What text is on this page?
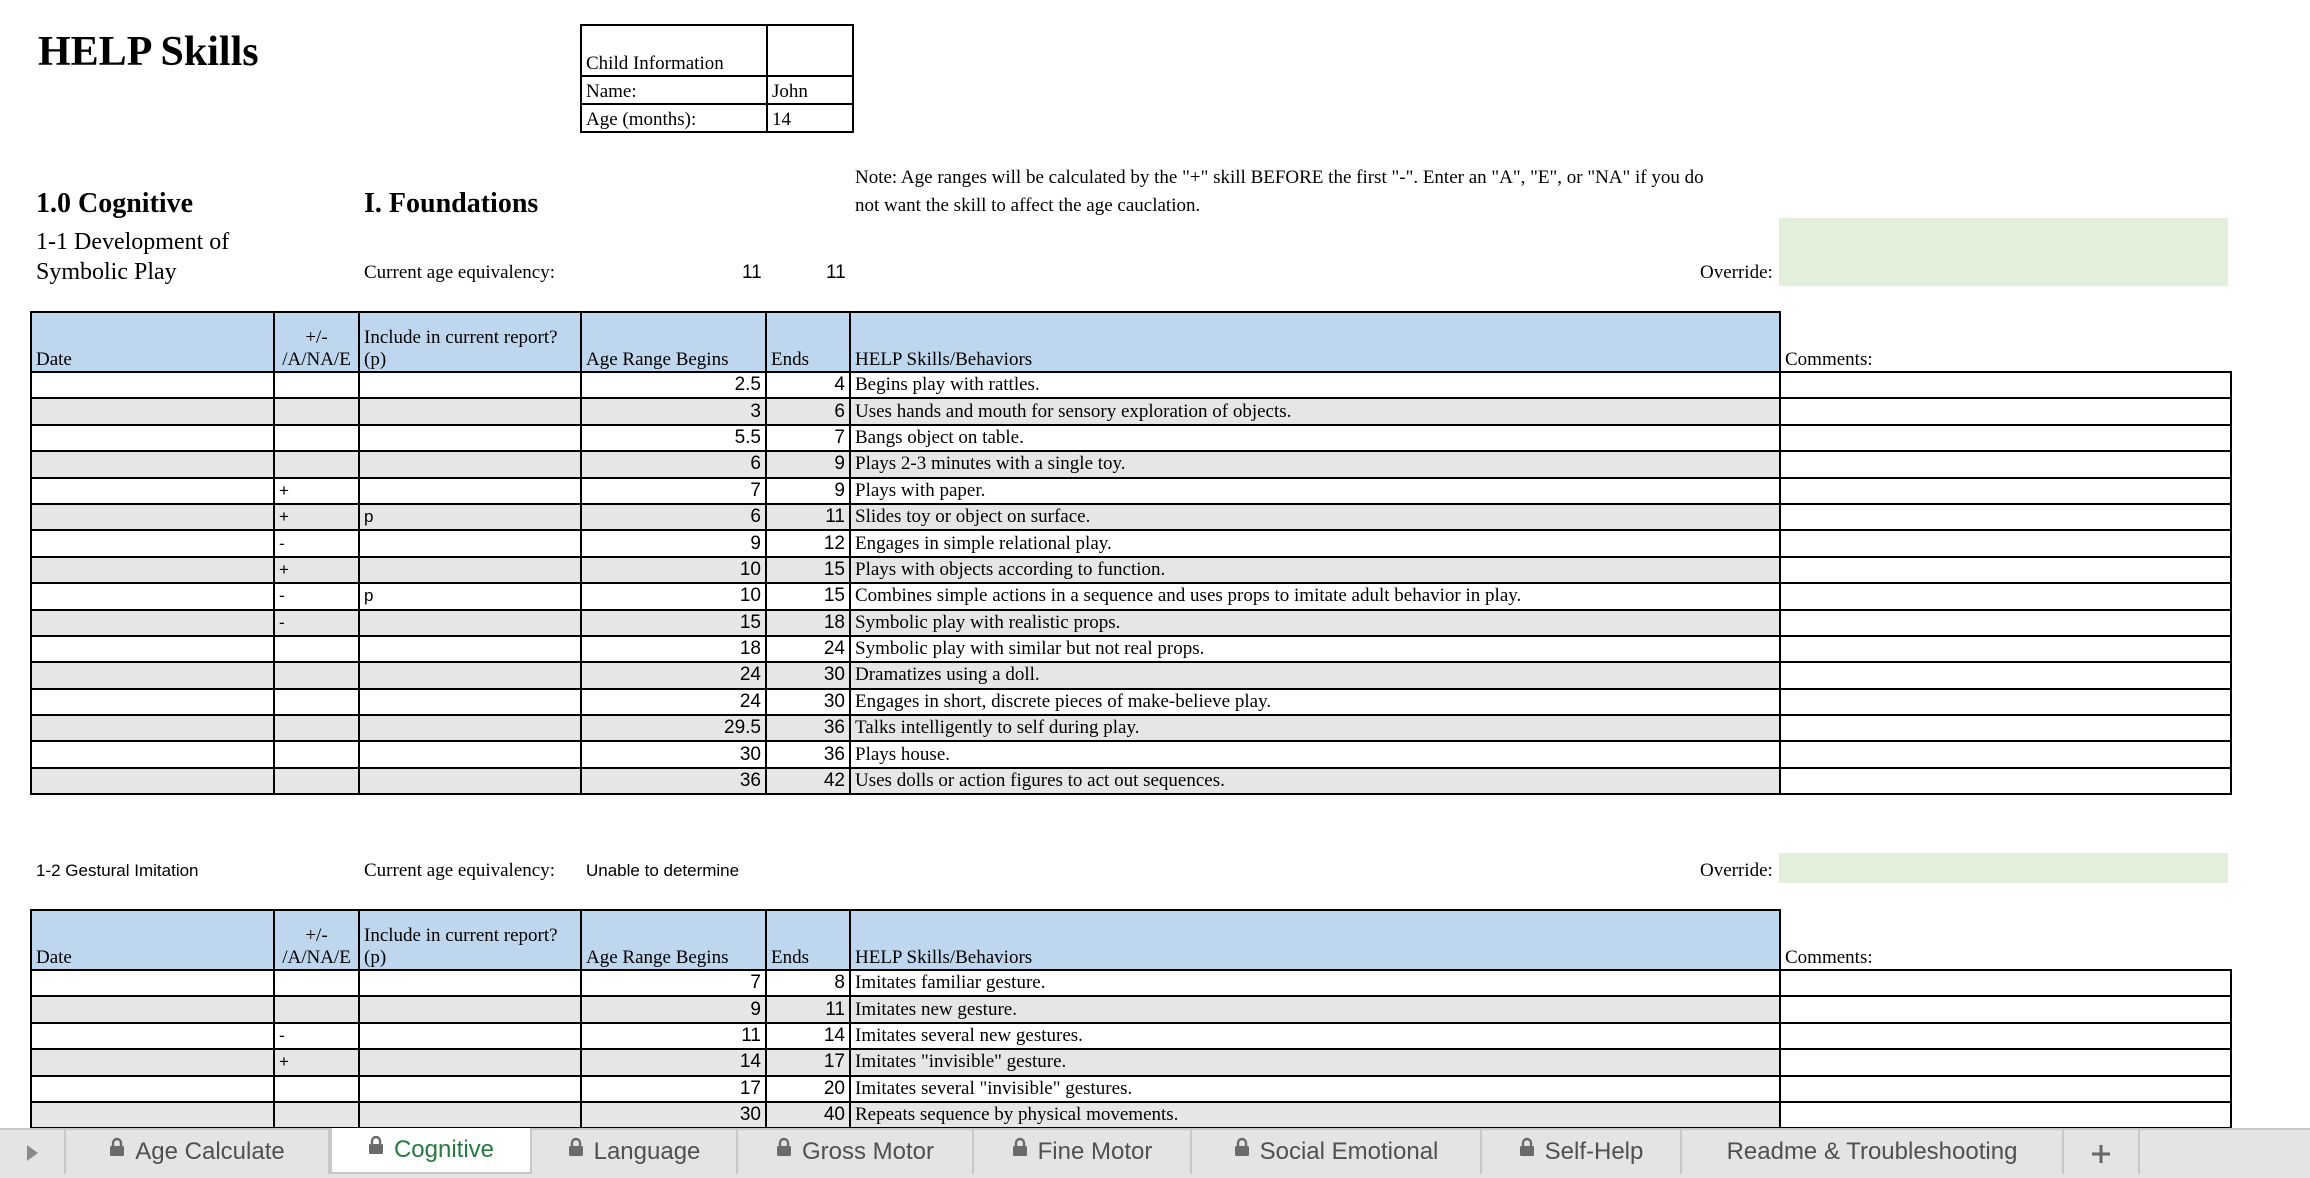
HELP Skills	Child Information	
Name:	John
Age (months):	14
Note: Age ranges will be calculated by the "+" skill BEFORE the first "-". Enter an "A", "E", or "NA" if you do
not want the skill to affect the age cauclation.
1.0 Cognitive	I. Foundations
1-1 Development of
Symbolic Play	Current age equivalency:	11	11	Override:
Date	+/-
/A/NA/E	Include in current report?
(p)	Age Range Begins	Ends	HELP Skills/Behaviors	Comments:
			2.5	4	Begins play with rattles.	
			3	6	Uses hands and mouth for sensory exploration of objects.	
			5.5	7	Bangs object on table.	
			6	9	Plays 2-3 minutes with a single toy.	
	+		7	9	Plays with paper.	
	+	p	6	11	Slides toy or object on surface.	
	-		9	12	Engages in simple relational play.	
	+		10	15	Plays with objects according to function.	
	-	p	10	15	Combines simple actions in a sequence and uses props to imitate adult behavior in play.	
	-		15	18	Symbolic play with realistic props.	
			18	24	Symbolic play with similar but not real props.	
			24	30	Dramatizes using a doll.	
			24	30	Engages in short, discrete pieces of make-believe play.	
			29.5	36	Talks intelligently to self during play.	
			30	36	Plays house.	
			36	42	Uses dolls or action figures to act out sequences.	
1-2 Gestural Imitation	Current age equivalency: Unable to determine	Override:
Date	+/-
/A/NA/E	Include in current report?
(p)	Age Range Begins	Ends	HELP Skills/Behaviors	Comments:
			7	8	Imitates familiar gesture.	
			9	11	Imitates new gesture.	
	-		11	14	Imitates several new gestures.	
	+		14	17	Imitates "invisible" gesture.	
			17	20	Imitates several "invisible" gestures.	
			30	40	Repeats sequence by physical movements.	
Age Calculate	Cognitive	Language	Gross Motor	Fine Motor	Social Emotional	Self-Help	Readme & Troubleshooting
